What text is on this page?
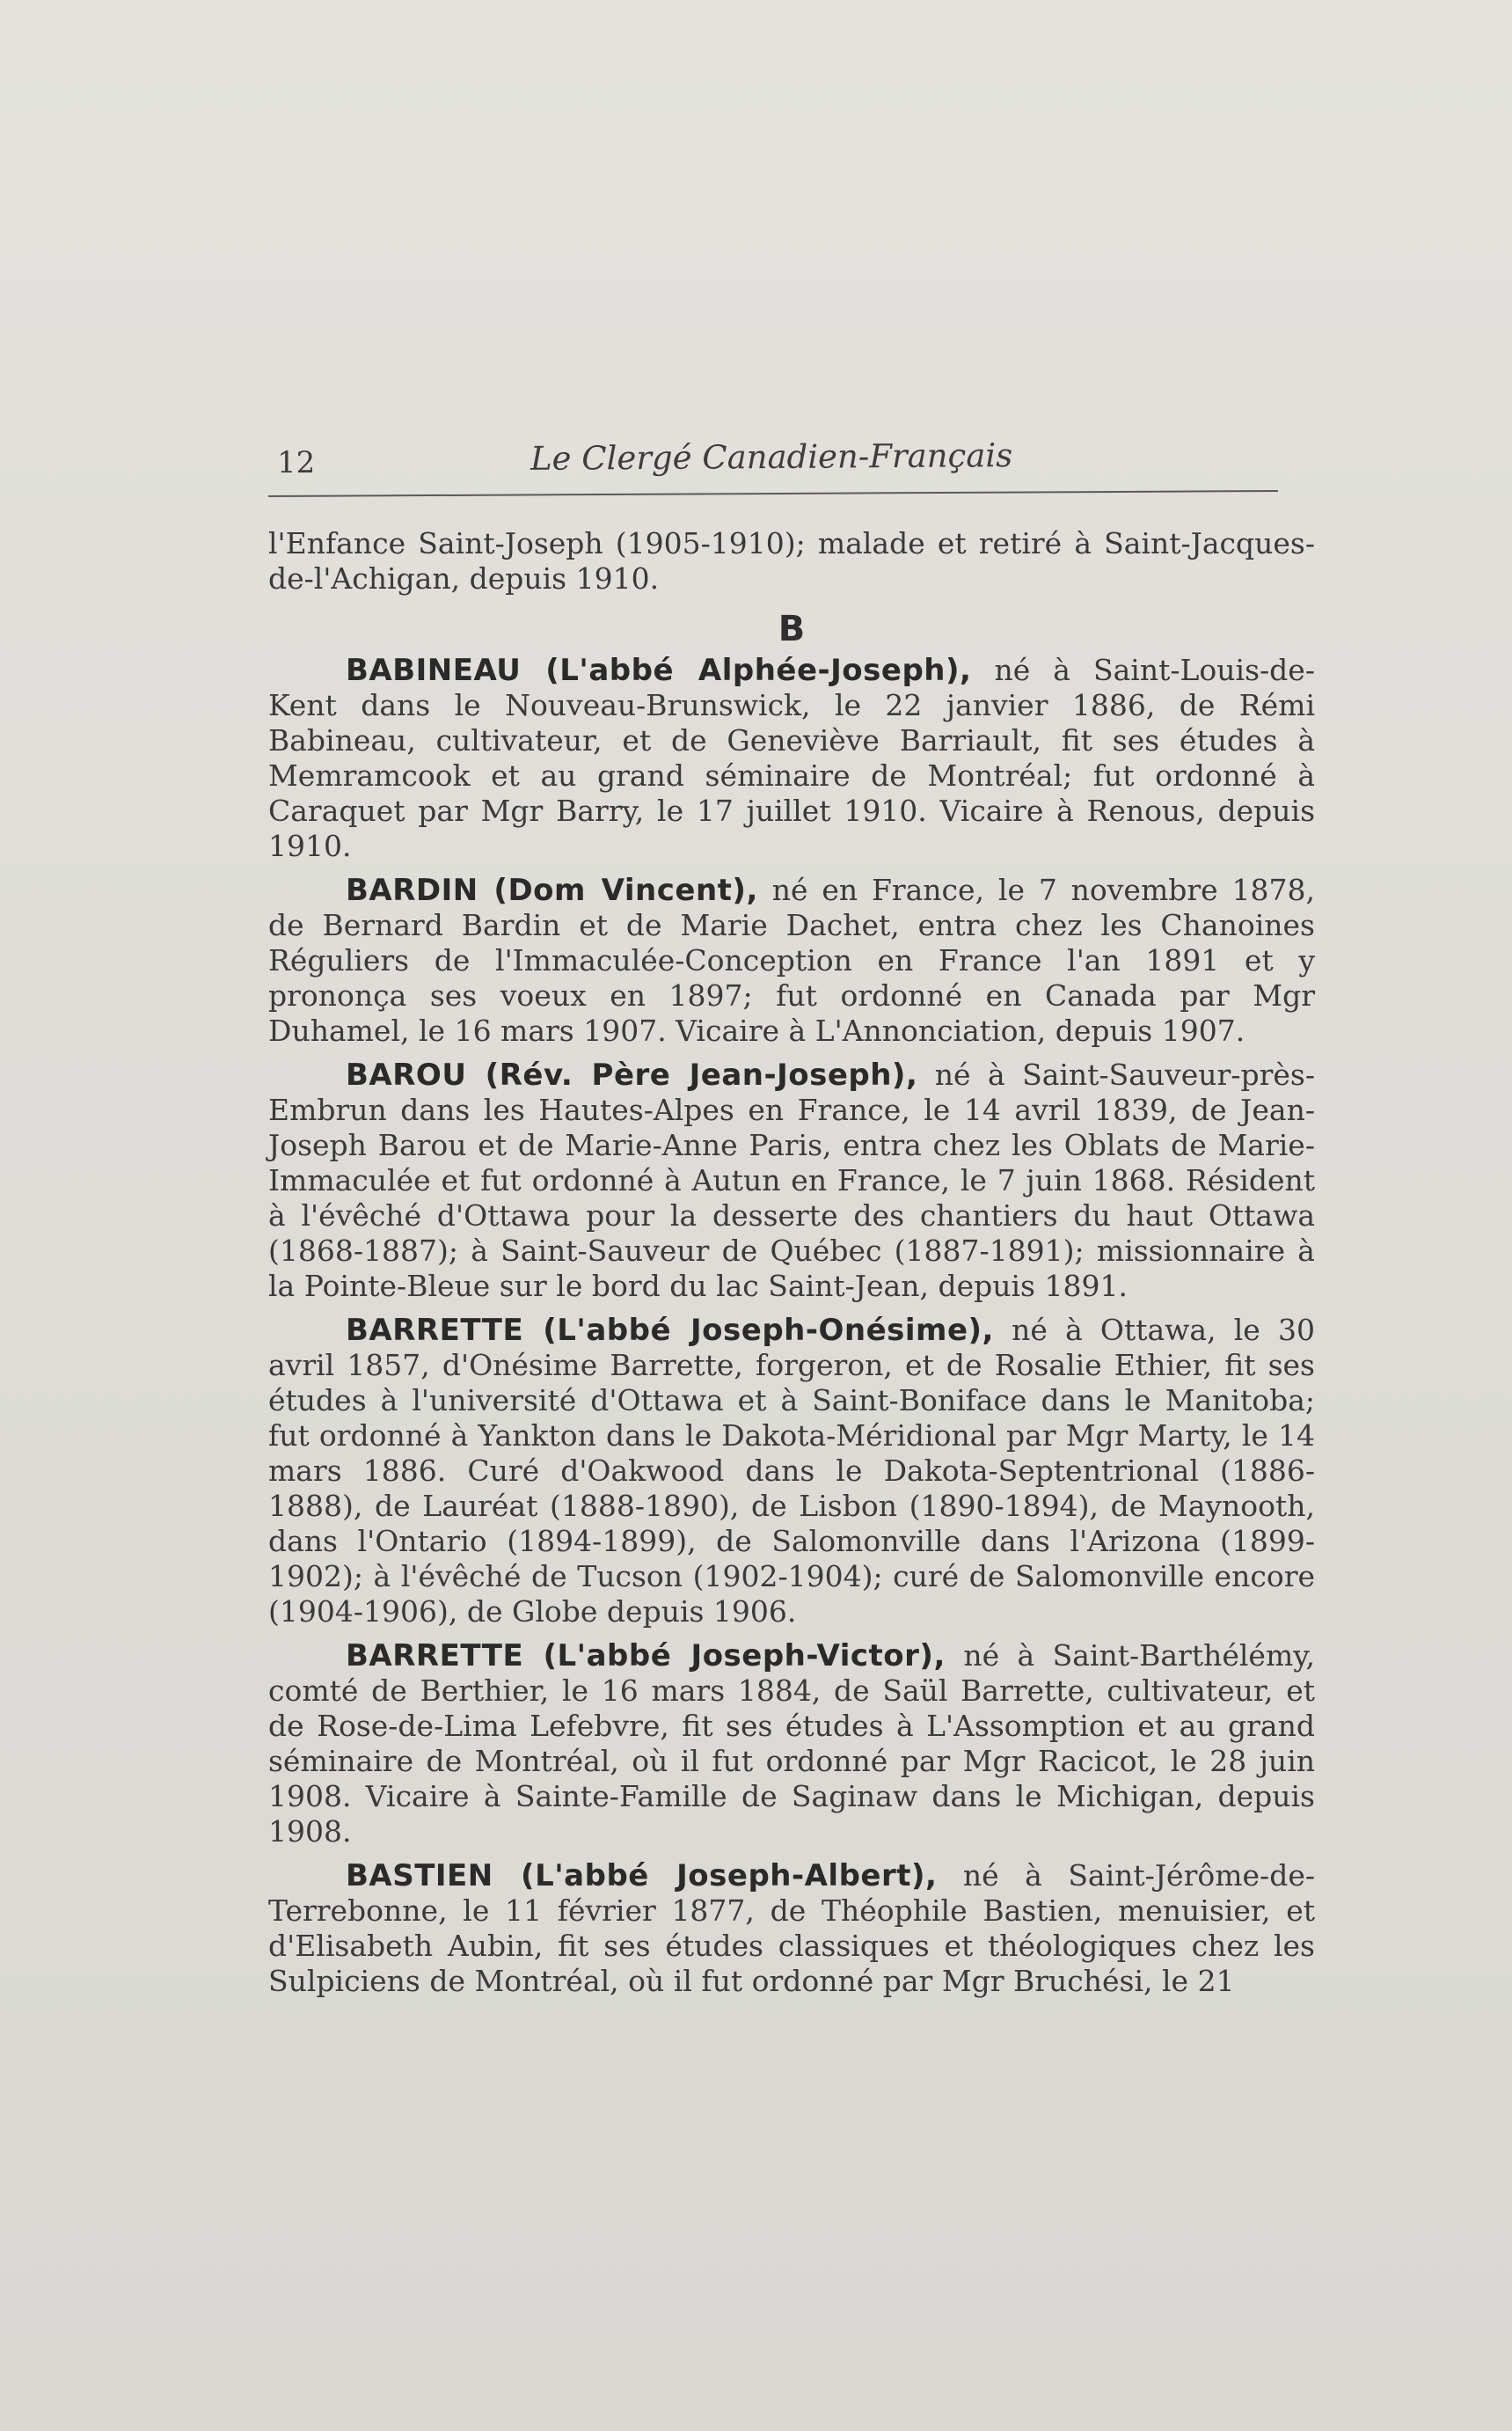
12	Le Clergé Canadien-Français

l'Enfance Saint-Joseph (1905-1910); malade et retiré à Saint-Jacques-de-l'Achigan, depuis 1910.

B

BABINEAU (L'abbé Alphée-Joseph), né à Saint-Louis-de-Kent dans le Nouveau-Brunswick, le 22 janvier 1886, de Rémi Babineau, cultivateur, et de Geneviève Barriault, fit ses études à Memramcook et au grand séminaire de Montréal; fut ordonné à Caraquet par Mgr Barry, le 17 juillet 1910. Vicaire à Renous, depuis 1910.

BARDIN (Dom Vincent), né en France, le 7 novembre 1878, de Bernard Bardin et de Marie Dachet, entra chez les Chanoines Réguliers de l'Immaculée-Conception en France l'an 1891 et y prononça ses voeux en 1897; fut ordonné en Canada par Mgr Duhamel, le 16 mars 1907. Vicaire à L'Annonciation, depuis 1907.

BAROU (Rév. Père Jean-Joseph), né à Saint-Sauveur-près-Embrun dans les Hautes-Alpes en France, le 14 avril 1839, de Jean-Joseph Barou et de Marie-Anne Paris, entra chez les Oblats de Marie-Immaculée et fut ordonné à Autun en France, le 7 juin 1868. Résident à l'évêché d'Ottawa pour la desserte des chantiers du haut Ottawa (1868-1887); à Saint-Sauveur de Québec (1887-1891); missionnaire à la Pointe-Bleue sur le bord du lac Saint-Jean, depuis 1891.

BARRETTE (L'abbé Joseph-Onésime), né à Ottawa, le 30 avril 1857, d'Onésime Barrette, forgeron, et de Rosalie Ethier, fit ses études à l'université d'Ottawa et à Saint-Boniface dans le Manitoba; fut ordonné à Yankton dans le Dakota-Méridional par Mgr Marty, le 14 mars 1886. Curé d'Oakwood dans le Dakota-Septentrional (1886-1888), de Lauréat (1888-1890), de Lisbon (1890-1894), de Maynooth, dans l'Ontario (1894-1899), de Salomonville dans l'Arizona (1899-1902); à l'évêché de Tucson (1902-1904); curé de Salomonville encore (1904-1906), de Globe depuis 1906.

BARRETTE (L'abbé Joseph-Victor), né à Saint-Barthélémy, comté de Berthier, le 16 mars 1884, de Saül Barrette, cultivateur, et de Rose-de-Lima Lefebvre, fit ses études à L'Assomption et au grand séminaire de Montréal, où il fut ordonné par Mgr Racicot, le 28 juin 1908. Vicaire à Sainte-Famille de Saginaw dans le Michigan, depuis 1908.

BASTIEN (L'abbé Joseph-Albert), né à Saint-Jérôme-de-Terrebonne, le 11 février 1877, de Théophile Bastien, menuisier, et d'Elisabeth Aubin, fit ses études classiques et théologiques chez les Sulpiciens de Montréal, où il fut ordonné par Mgr Bruchési, le 21
